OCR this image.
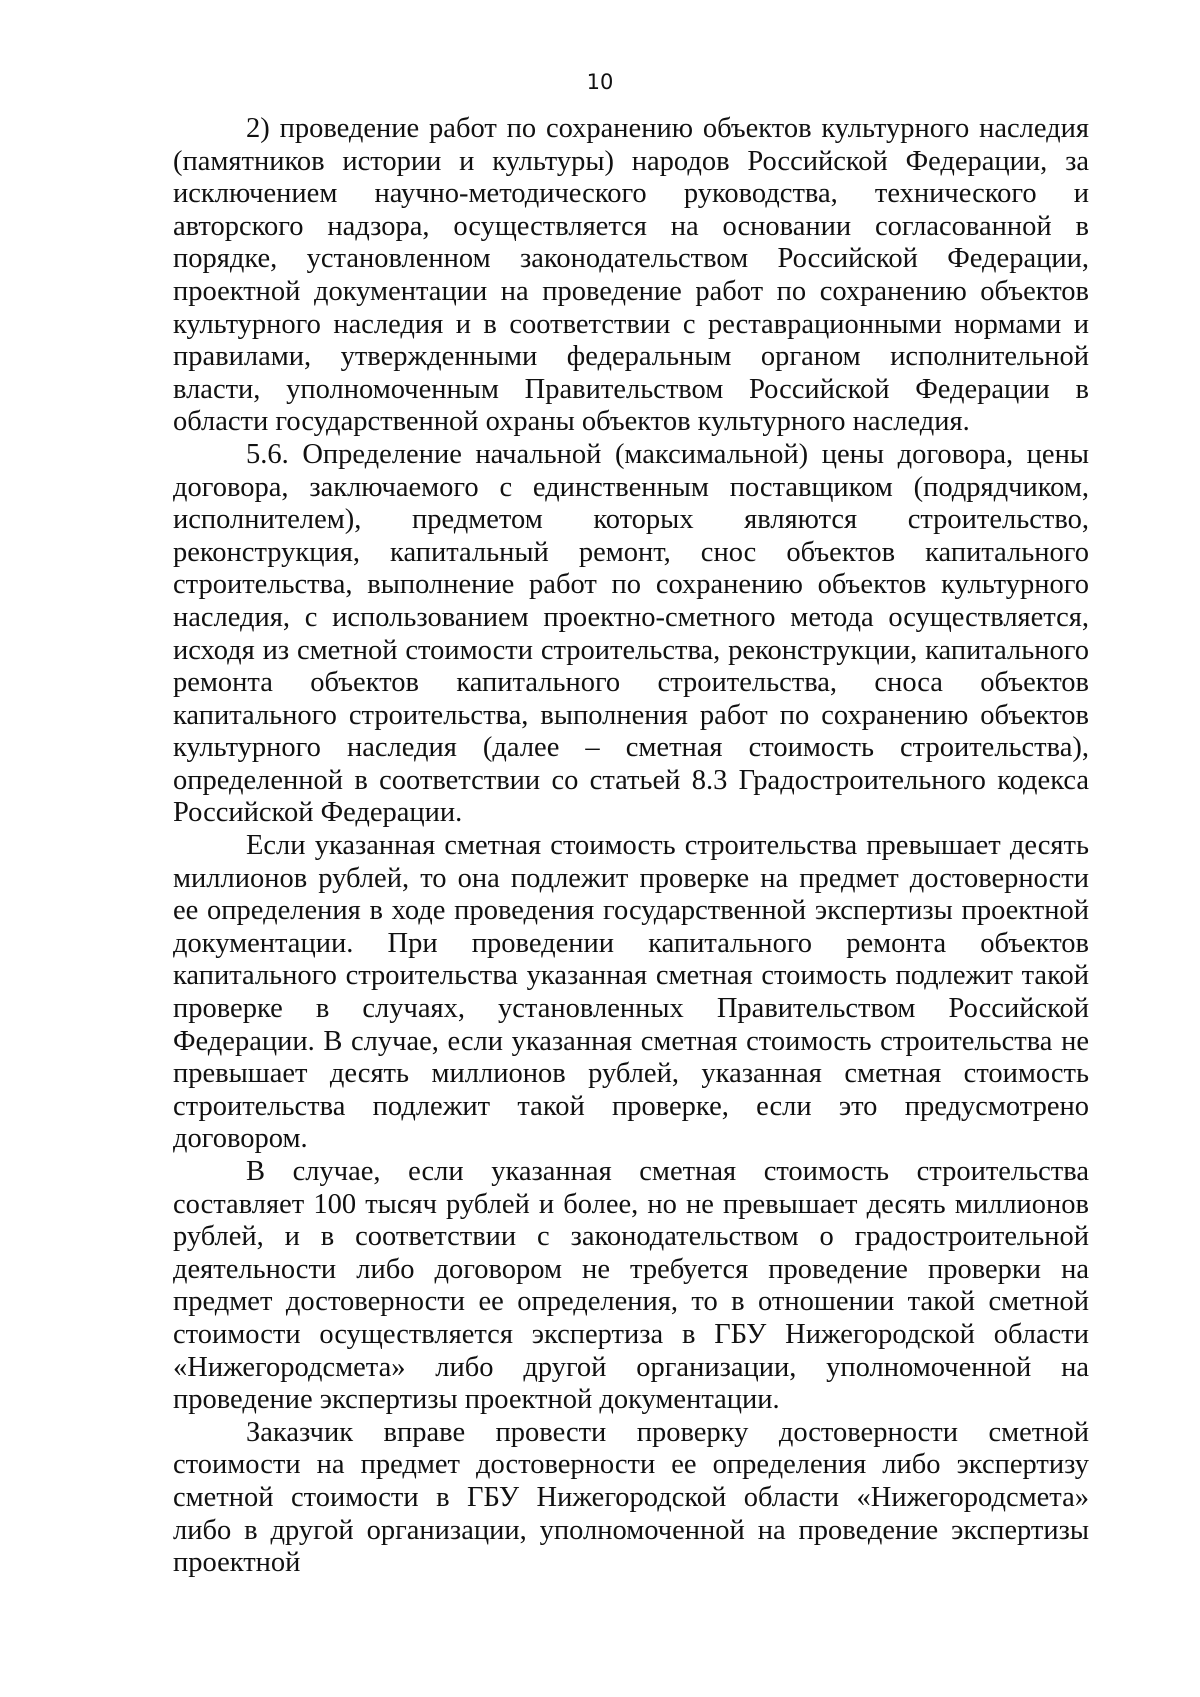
10

2) проведение работ по сохранению объектов культурного наследия (памятников истории и культуры) народов Российской Федерации, за исключением научно-методического руководства, технического и авторского надзора, осуществляется на основании согласованной в порядке, установленном законодательством Российской Федерации, проектной документации на проведение работ по сохранению объектов культурного наследия и в соответствии с реставрационными нормами и правилами, утвержденными федеральным органом исполнительной власти, уполномоченным Правительством Российской Федерации в области государственной охраны объектов культурного наследия.

5.6. Определение начальной (максимальной) цены договора, цены договора, заключаемого с единственным поставщиком (подрядчиком, исполнителем), предметом которых являются строительство, реконструкция, капитальный ремонт, снос объектов капитального строительства, выполнение работ по сохранению объектов культурного наследия, с использованием проектно-сметного метода осуществляется, исходя из сметной стоимости строительства, реконструкции, капитального ремонта объектов капитального строительства, сноса объектов капитального строительства, выполнения работ по сохранению объектов культурного наследия (далее – сметная стоимость строительства), определенной в соответствии со статьей 8.3 Градостроительного кодекса Российской Федерации.

Если указанная сметная стоимость строительства превышает десять миллионов рублей, то она подлежит проверке на предмет достоверности ее определения в ходе проведения государственной экспертизы проектной документации. При проведении капитального ремонта объектов капитального строительства указанная сметная стоимость подлежит такой проверке в случаях, установленных Правительством Российской Федерации. В случае, если указанная сметная стоимость строительства не превышает десять миллионов рублей, указанная сметная стоимость строительства подлежит такой проверке, если это предусмотрено договором.

В случае, если указанная сметная стоимость строительства составляет 100 тысяч рублей и более, но не превышает десять миллионов рублей, и в соответствии с законодательством о градостроительной деятельности либо договором не требуется проведение проверки на предмет достоверности ее определения, то в отношении такой сметной стоимости осуществляется экспертиза в ГБУ Нижегородской области «Нижегородсмета» либо другой организации, уполномоченной на проведение экспертизы проектной документации.

Заказчик вправе провести проверку достоверности сметной стоимости на предмет достоверности ее определения либо экспертизу сметной стоимости в ГБУ Нижегородской области «Нижегородсмета» либо в другой организации, уполномоченной на проведение экспертизы проектной
